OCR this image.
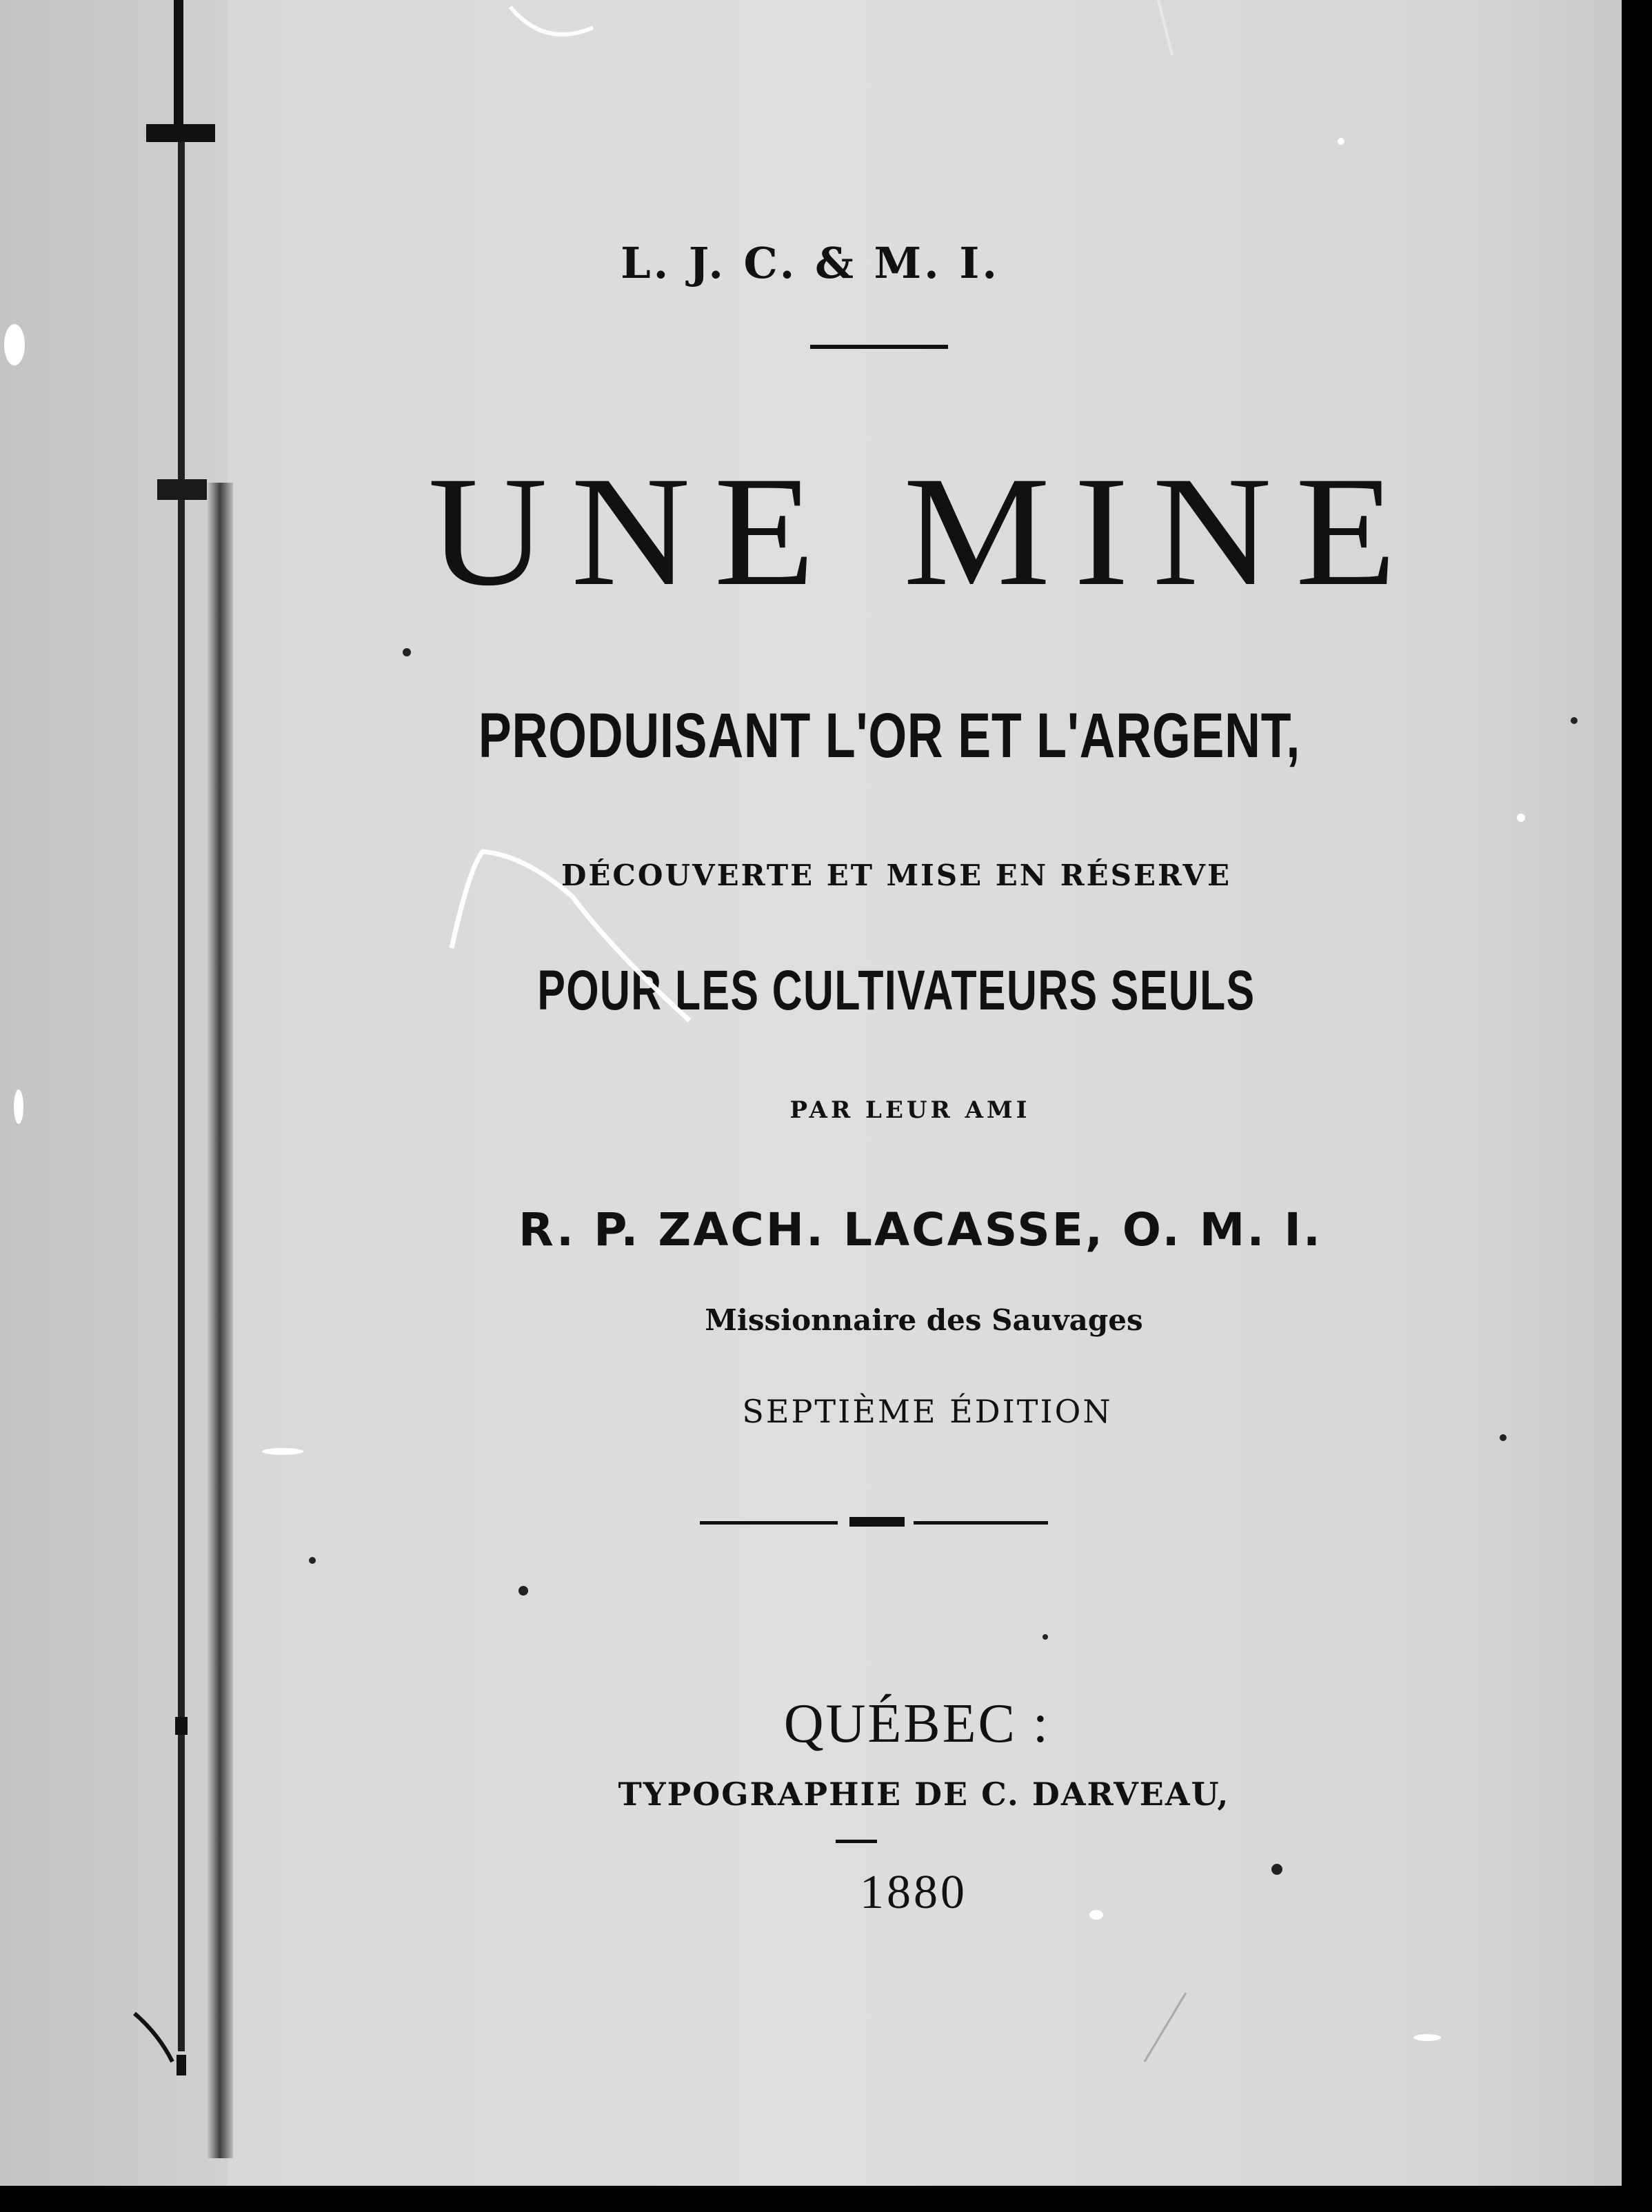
L. J. C. & M. I.
UNE MINE
PRODUISANT L'OR ET L'ARGENT,
DÉCOUVERTE ET MISE EN RÉSERVE
POUR LES CULTIVATEURS SEULS
PAR LEUR AMI
R. P. ZACH. LACASSE, O. M. I.
Missionnaire des Sauvages
SEPTIÈME ÉDITION
QUÉBEC :
TYPOGRAPHIE DE C. DARVEAU,
1880
